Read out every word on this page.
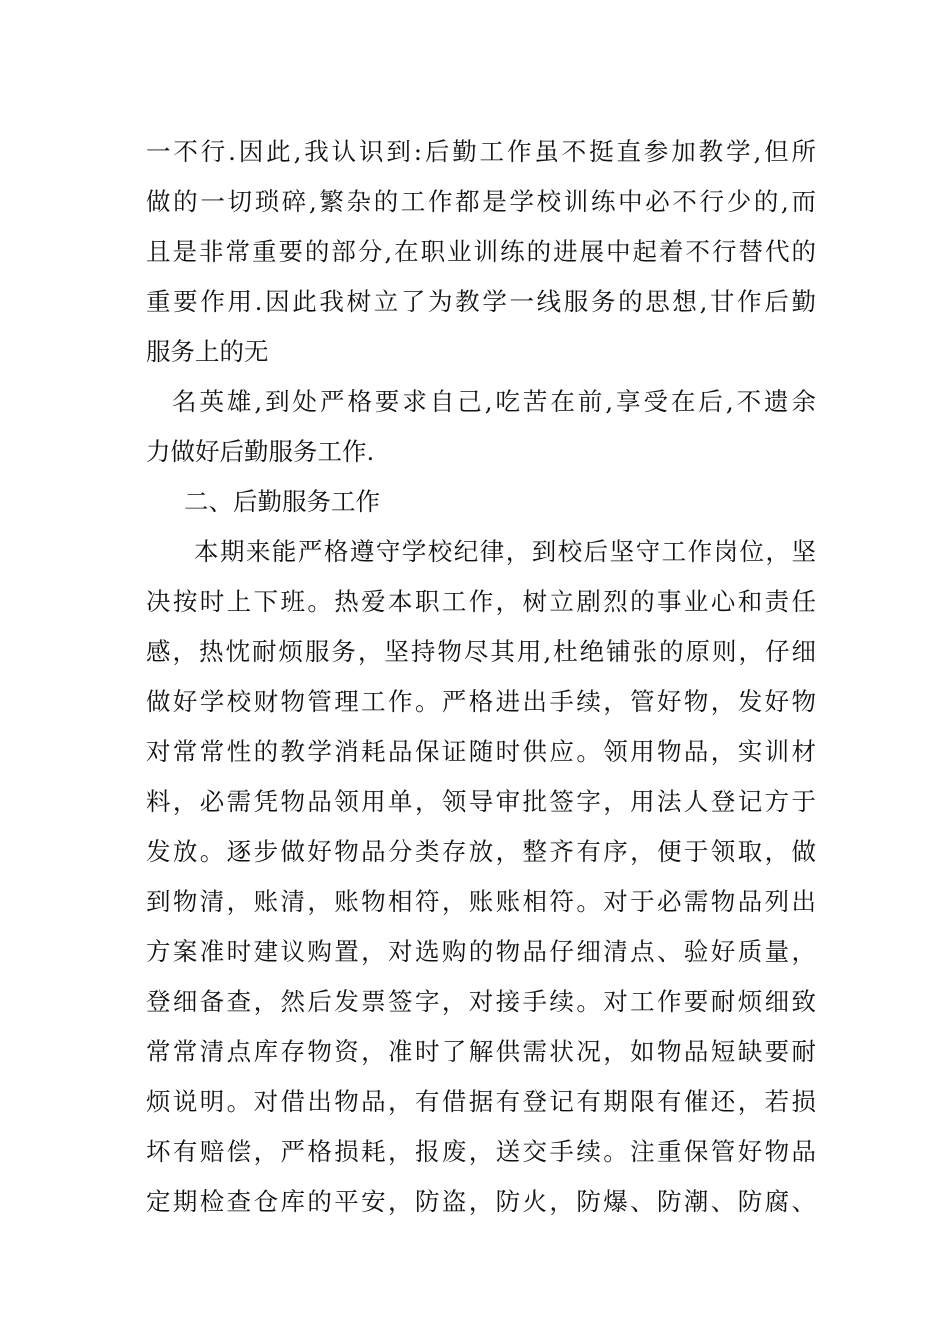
一不行.因此,我认识到:后勤工作虽不挺直参加教学,但所
做的一切琐碎,繁杂的工作都是学校训练中必不行少的,而
且是非常重要的部分,在职业训练的进展中起着不行替代的
重要作用.因此我树立了为教学一线服务的思想,甘作后勤
服务上的无
名英雄,到处严格要求自己,吃苦在前,享受在后,不遗余
力做好后勤服务工作.
二、后勤服务工作
本期来能严格遵守学校纪律，到校后坚守工作岗位，坚
决按时上下班。热爱本职工作，树立剧烈的事业心和责任
感，热忱耐烦服务，坚持物尽其用,杜绝铺张的原则，仔细
做好学校财物管理工作。严格进出手续，管好物，发好物
对常常性的教学消耗品保证随时供应。领用物品，实训材
料，必需凭物品领用单，领导审批签字，用法人登记方于
发放。逐步做好物品分类存放，整齐有序，便于领取，做
到物清，账清，账物相符，账账相符。对于必需物品列出
方案准时建议购置，对选购的物品仔细清点、验好质量，
登细备查，然后发票签字，对接手续。对工作要耐烦细致
常常清点库存物资，准时了解供需状况，如物品短缺要耐
烦说明。对借出物品，有借据有登记有期限有催还，若损
坏有赔偿，严格损耗，报废，送交手续。注重保管好物品
定期检查仓库的平安，防盗，防火，防爆、防潮、防腐、
